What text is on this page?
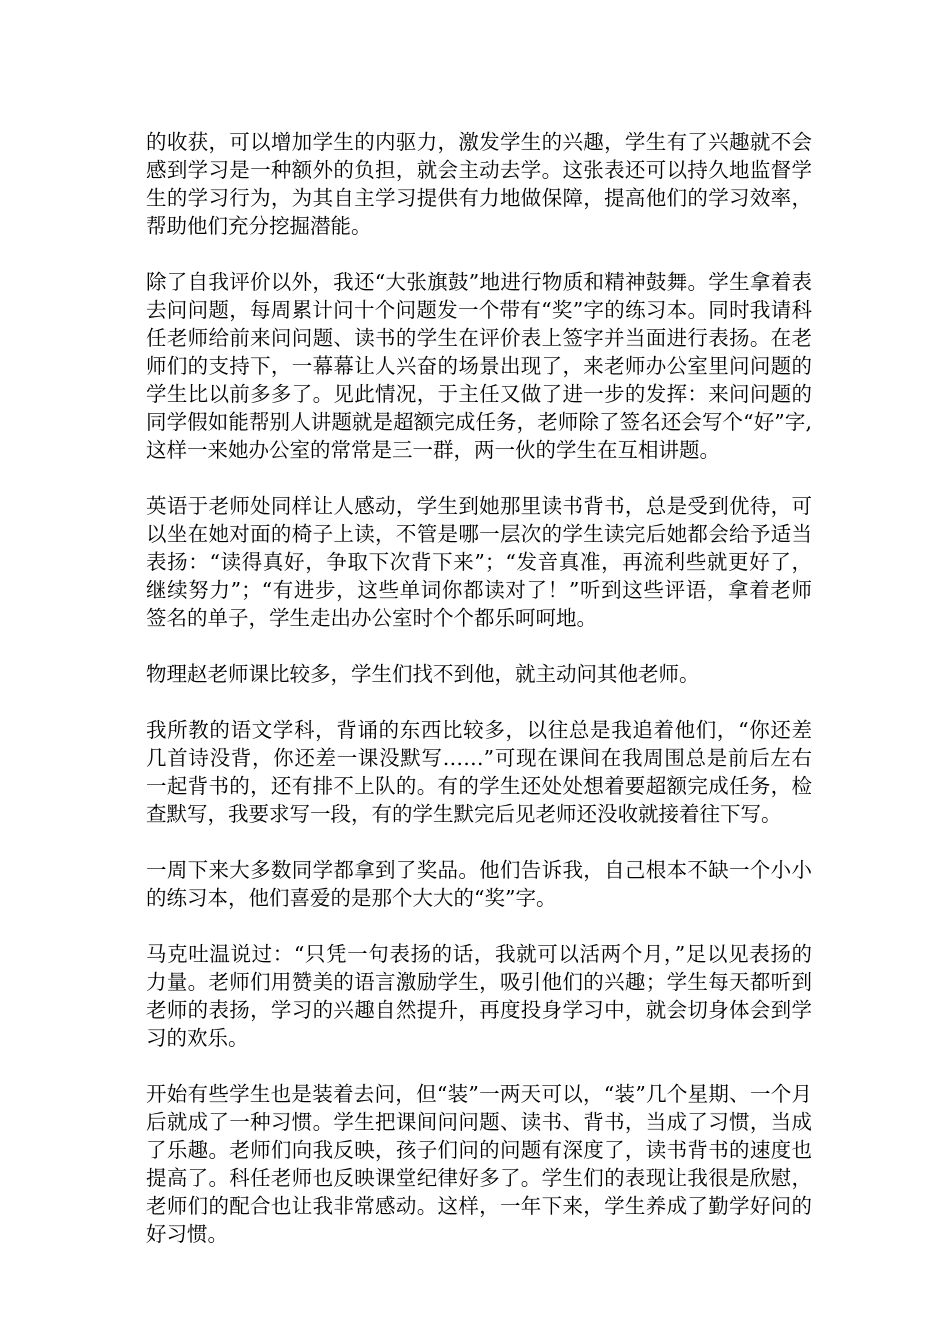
的收获，可以增加学生的内驱力，激发学生的兴趣，学生有了兴趣就不会感到学习是一种额外的负担，就会主动去学。这张表还可以持久地监督学生的学习行为，为其自主学习提供有力地做保障，提高他们的学习效率，帮助他们充分挖掘潜能。

除了自我评价以外，我还“大张旗鼓”地进行物质和精神鼓舞。学生拿着表去问问题，每周累计问十个问题发一个带有“奖”字的练习本。同时我请科任老师给前来问问题、读书的学生在评价表上签字并当面进行表扬。在老师们的支持下，一幕幕让人兴奋的场景出现了，来老师办公室里问问题的学生比以前多多了。见此情况，于主任又做了进一步的发挥：来问问题的同学假如能帮别人讲题就是超额完成任务，老师除了签名还会写个“好”字,这样一来她办公室的常常是三一群，两一伙的学生在互相讲题。

英语于老师处同样让人感动，学生到她那里读书背书，总是受到优待，可以坐在她对面的椅子上读，不管是哪一层次的学生读完后她都会给予适当表扬：“读得真好，争取下次背下来”；“发音真准，再流利些就更好了，继续努力”；“有进步，这些单词你都读对了！”听到这些评语，拿着老师签名的单子，学生走出办公室时个个都乐呵呵地。

物理赵老师课比较多，学生们找不到他，就主动问其他老师。

我所教的语文学科，背诵的东西比较多，以往总是我追着他们，“你还差几首诗没背，你还差一课没默写……”可现在课间在我周围总是前后左右一起背书的，还有排不上队的。有的学生还处处想着要超额完成任务，检查默写，我要求写一段，有的学生默完后见老师还没收就接着往下写。

一周下来大多数同学都拿到了奖品。他们告诉我，自己根本不缺一个小小的练习本，他们喜爱的是那个大大的“奖”字。

马克吐温说过：“只凭一句表扬的话，我就可以活两个月，”足以见表扬的力量。老师们用赞美的语言激励学生，吸引他们的兴趣；学生每天都听到老师的表扬，学习的兴趣自然提升，再度投身学习中，就会切身体会到学习的欢乐。

开始有些学生也是装着去问，但“装”一两天可以，“装”几个星期、一个月后就成了一种习惯。学生把课间问问题、读书、背书，当成了习惯，当成了乐趣。老师们向我反映，孩子们问的问题有深度了，读书背书的速度也提高了。科任老师也反映课堂纪律好多了。学生们的表现让我很是欣慰，老师们的配合也让我非常感动。这样，一年下来，学生养成了勤学好问的好习惯。
